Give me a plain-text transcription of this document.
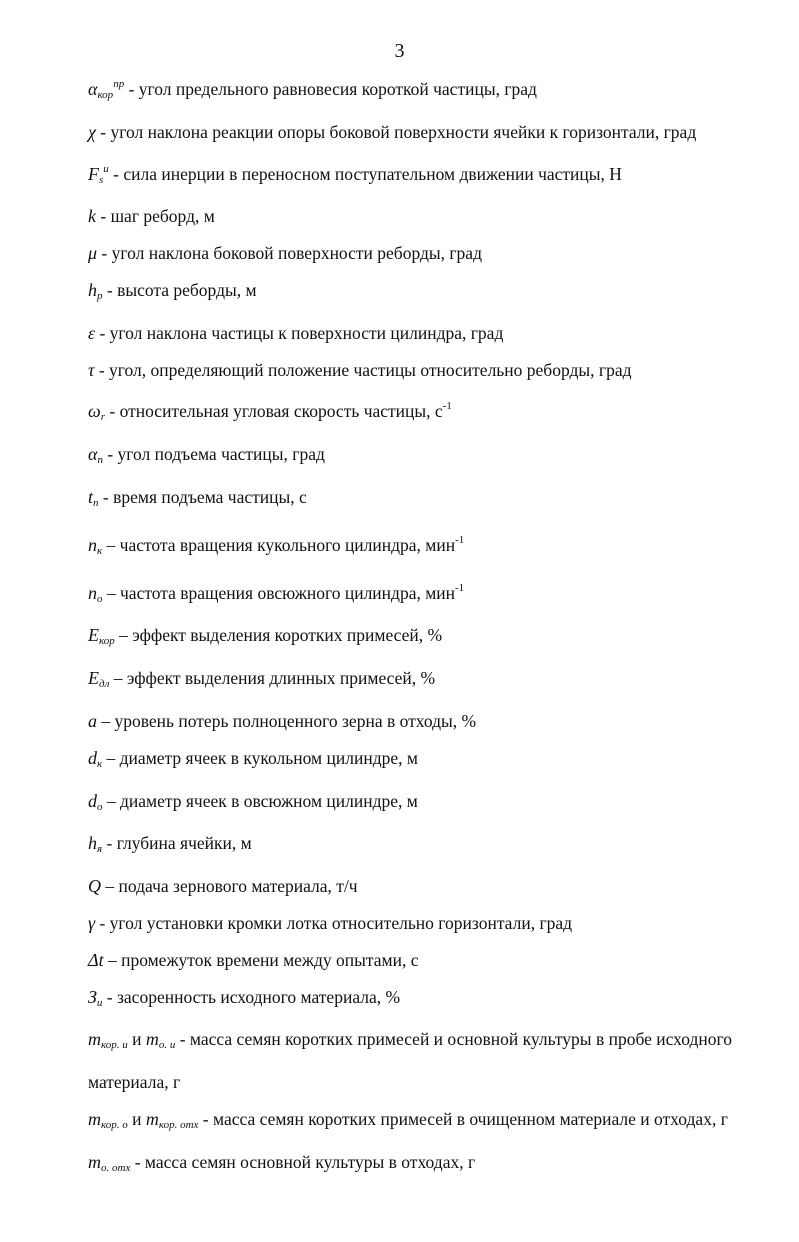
3
$\alpha_{кор}^{пр}$ - угол предельного равновесия короткой частицы, град
χ - угол наклона реакции опоры боковой поверхности ячейки к горизонтали, град
$F_s^и$ - сила инерции в переносном поступательном движении частицы, Н
k - шаг реборд, м
μ - угол наклона боковой поверхности реборды, град
$h_р$ - высота реборды, м
ε - угол наклона частицы к поверхности цилиндра, град
τ - угол, определяющий положение частицы относительно реборды, град
$\omega_r$ - относительная угловая скорость частицы, $с^{-1}$
$\alpha_п$ - угол подъема частицы, град
$t_п$ - время подъема частицы, с
$n_к$ – частота вращения кукольного цилиндра, мин$^{-1}$
$n_о$ – частота вращения овсюжного цилиндра, мин$^{-1}$
$E_{кор}$ – эффект выделения коротких примесей, %
$E_{дл}$ – эффект выделения длинных примесей, %
a – уровень потерь полноценного зерна в отходы, %
$d_к$ – диаметр ячеек в кукольном цилиндре, м
$d_о$ – диаметр ячеек в овсюжном цилиндре, м
$h_я$ - глубина ячейки, м
Q – подача зернового материала, т/ч
γ - угол установки кромки лотка относительно горизонтали, град
Δt – промежуток времени между опытами, с
$З_и$ - засоренность исходного материала, %
$m_{кор. и}$ и $m_{о. и}$ - масса семян коротких примесей и основной культуры в пробе исходного материала, г
$m_{кор. о}$ и $m_{кор. отх}$ - масса семян коротких примесей в очищенном материале и отходах, г
$m_{о. отх}$ - масса семян основной культуры в отходах, г
